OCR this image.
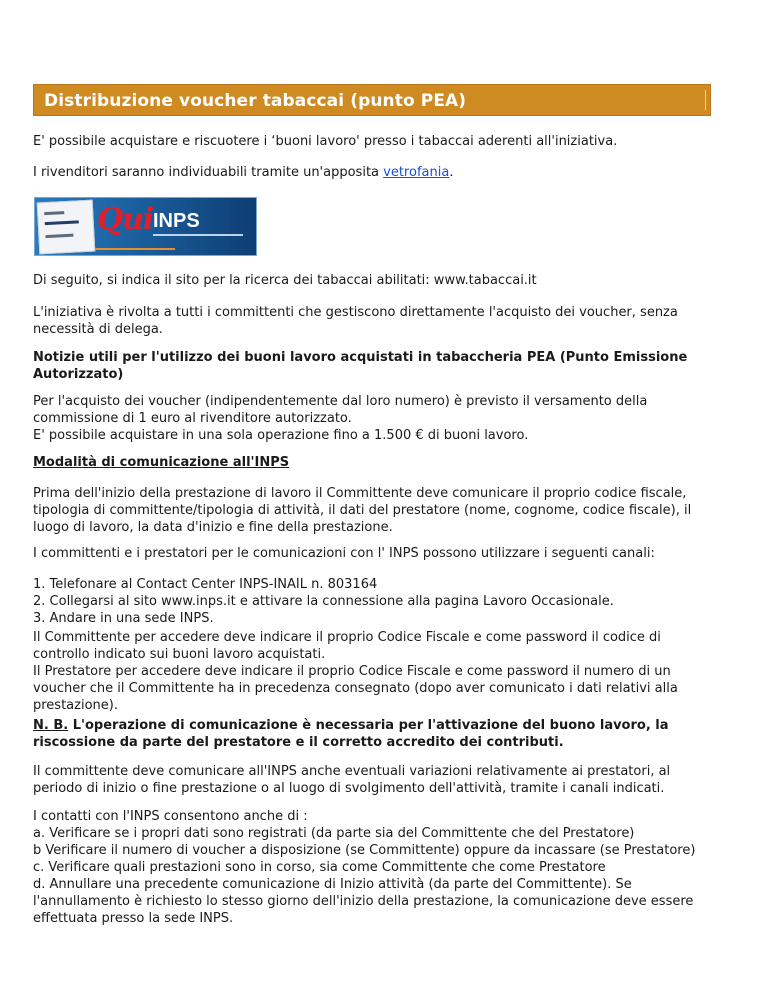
Distribuzione voucher tabaccai (punto PEA)

E' possibile acquistare e riscuotere i ‘buoni lavoro' presso i tabaccai aderenti all'iniziativa.

I rivenditori saranno individuabili tramite un'apposita vetrofania.

Qui INPS

Di seguito, si indica il sito per la ricerca dei tabaccai abilitati: www.tabaccai.it

L'iniziativa è rivolta a tutti i committenti che gestiscono direttamente l'acquisto dei voucher, senza

necessità di delega.

Notizie utili per l'utilizzo dei buoni lavoro acquistati in tabaccheria PEA (Punto Emissione

Autorizzato)

Per l'acquisto dei voucher (indipendentemente dal loro numero) è previsto il versamento della

commissione di 1 euro al rivenditore autorizzato.

E' possibile acquistare in una sola operazione fino a 1.500 € di buoni lavoro.

Modalità di comunicazione all'INPS

Prima dell'inizio della prestazione di lavoro il Committente deve comunicare il proprio codice fiscale,

tipologia di committente/tipologia di attività, il dati del prestatore (nome, cognome, codice fiscale), il

luogo di lavoro, la data d'inizio e fine della prestazione.

I committenti e i prestatori per le comunicazioni con l' INPS possono utilizzare i seguenti canali:

1. Telefonare al Contact Center INPS-INAIL n. 803164

2. Collegarsi al sito www.inps.it e attivare la connessione alla pagina Lavoro Occasionale.

3. Andare in una sede INPS.

Il Committente per accedere deve indicare il proprio Codice Fiscale e come password il codice di

controllo indicato sui buoni lavoro acquistati.

Il Prestatore per accedere deve indicare il proprio Codice Fiscale e come password il numero di un

voucher che il Committente ha in precedenza consegnato (dopo aver comunicato i dati relativi alla

prestazione).

N. B. L'operazione di comunicazione è necessaria per l'attivazione del buono lavoro, la

riscossione da parte del prestatore e il corretto accredito dei contributi.

Il committente deve comunicare all'INPS anche eventuali variazioni relativamente ai prestatori, al

periodo di inizio o fine prestazione o al luogo di svolgimento dell'attività, tramite i canali indicati.

I contatti con l'INPS consentono anche di :

a. Verificare se i propri dati sono registrati (da parte sia del Committente che del Prestatore)

b Verificare il numero di voucher a disposizione (se Committente) oppure da incassare (se Prestatore)

c. Verificare quali prestazioni sono in corso, sia come Committente che come Prestatore

d. Annullare una precedente comunicazione di Inizio attività (da parte del Committente). Se

l'annullamento è richiesto lo stesso giorno dell'inizio della prestazione, la comunicazione deve essere

effettuata presso la sede INPS.
